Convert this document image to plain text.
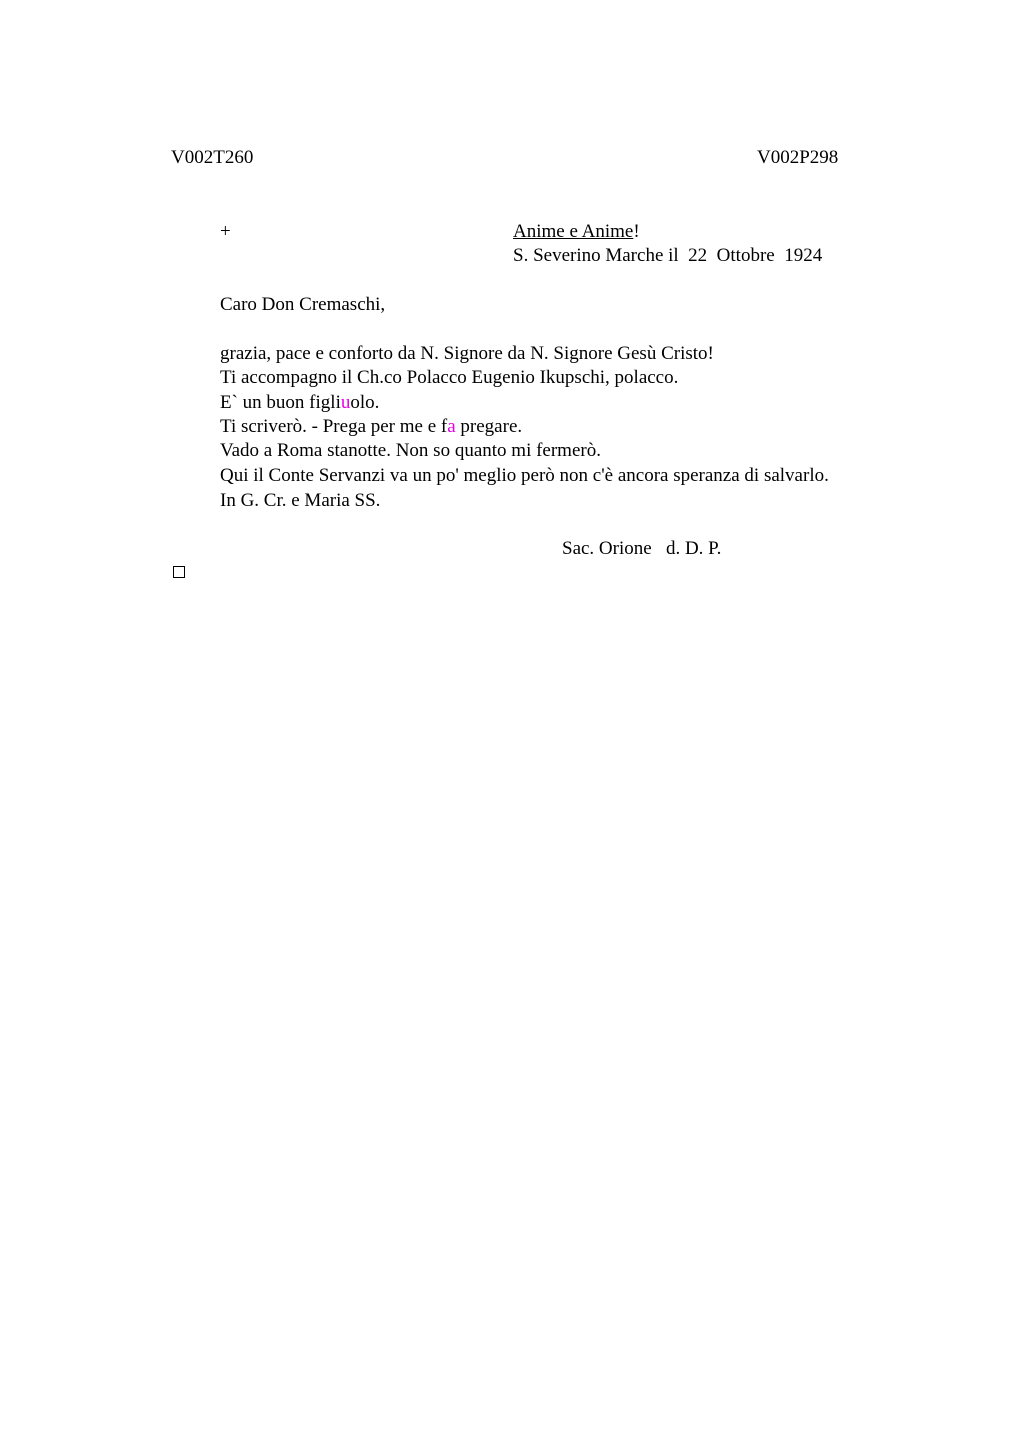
V002T260	V002P298
+	Anime e Anime!
S. Severino Marche il  22  Ottobre  1924
Caro Don Cremaschi,
grazia, pace e conforto da N. Signore da N. Signore Gesù Cristo!
Ti accompagno il Ch.co Polacco Eugenio Ikupschi, polacco.
E` un buon figliuolo.
Ti scriverò. - Prega per me e fa pregare.
Vado a Roma stanotte. Non so quanto mi fermerò.
Qui il Conte Servanzi va un po' meglio però non c'è ancora speranza di salvarlo.
In G. Cr. e Maria SS.
Sac. Orione   d. D. P.
